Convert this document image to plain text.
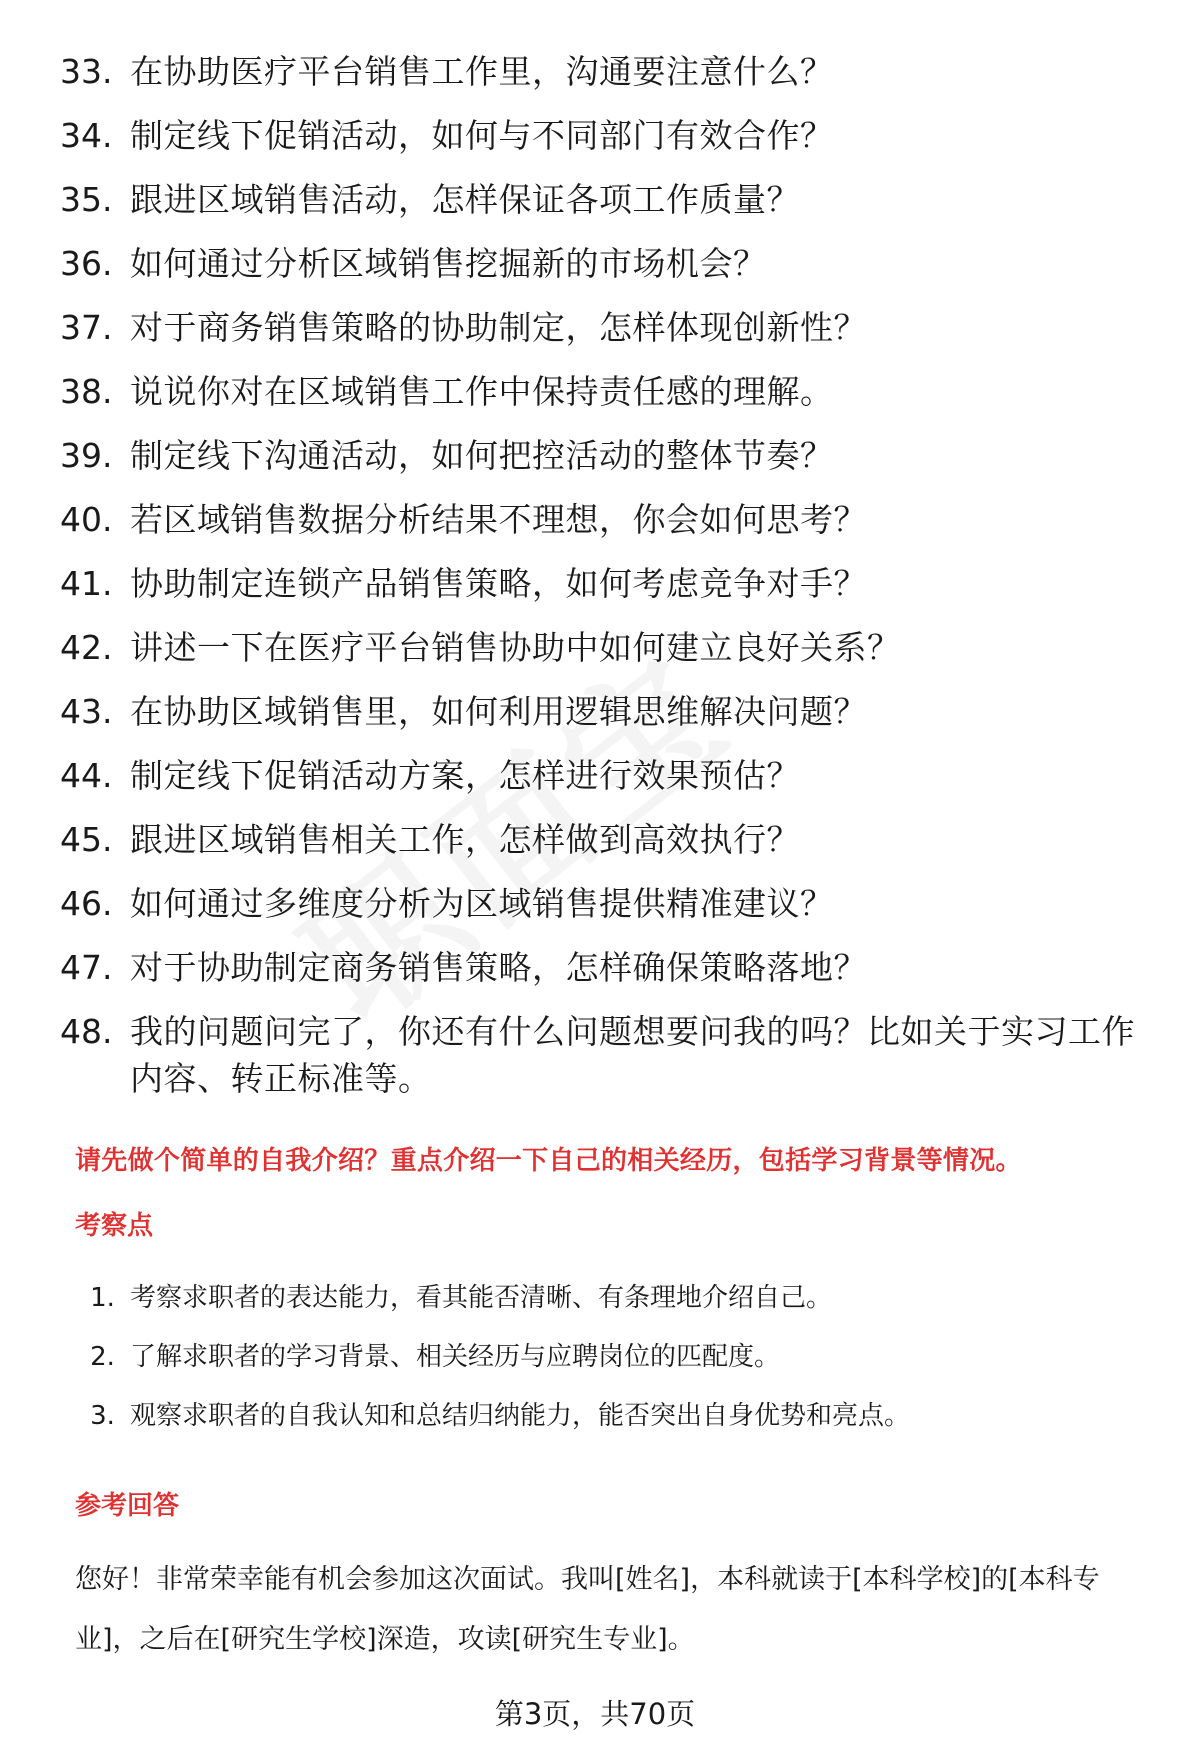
33. 在协助医疗平台销售工作里，沟通要注意什么？
34. 制定线下促销活动，如何与不同部门有效合作？
35. 跟进区域销售活动，怎样保证各项工作质量？
36. 如何通过分析区域销售挖掘新的市场机会？
37. 对于商务销售策略的协助制定，怎样体现创新性？
38. 说说你对在区域销售工作中保持责任感的理解。
39. 制定线下沟通活动，如何把控活动的整体节奏？
40. 若区域销售数据分析结果不理想，你会如何思考？
41. 协助制定连锁产品销售策略，如何考虑竞争对手？
42. 讲述一下在医疗平台销售协助中如何建立良好关系？
43. 在协助区域销售里，如何利用逻辑思维解决问题？
44. 制定线下促销活动方案，怎样进行效果预估？
45. 跟进区域销售相关工作，怎样做到高效执行？
46. 如何通过多维度分析为区域销售提供精准建议？
47. 对于协助制定商务销售策略，怎样确保策略落地？
48. 我的问题问完了，你还有什么问题想要问我的吗？比如关于实习工作内容、转正标准等。
请先做个简单的自我介绍？重点介绍一下自己的相关经历，包括学习背景等情况。
考察点
1. 考察求职者的表达能力，看其能否清晰、有条理地介绍自己。
2. 了解求职者的学习背景、相关经历与应聘岗位的匹配度。
3. 观察求职者的自我认知和总结归纳能力，能否突出自身优势和亮点。
参考回答

您好！非常荣幸能有机会参加这次面试。我叫[姓名]，本科就读于[本科学校]的[本科专业]，之后在[研究生学校]深造，攻读[研究生专业]。

第3页，共70页
